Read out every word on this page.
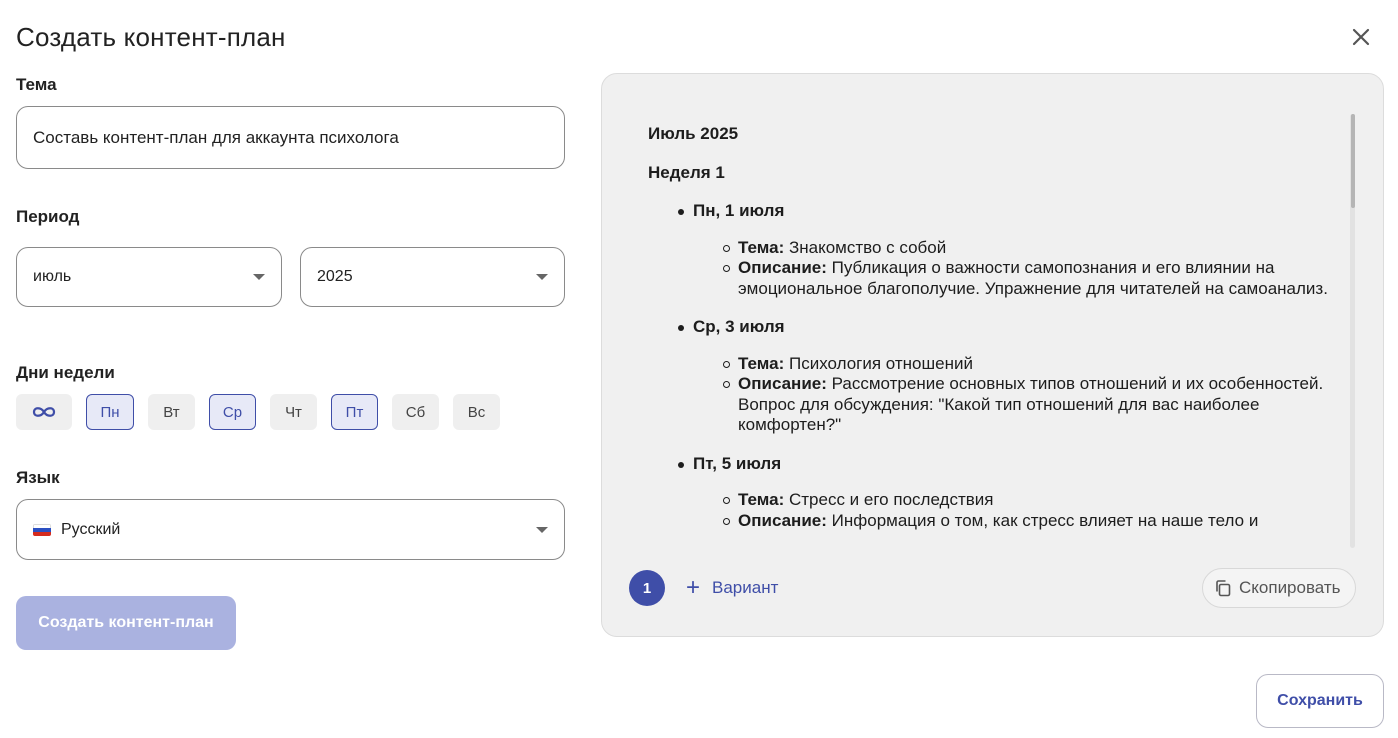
Создать контент-план
Тема
Составь контент-план для аккаунта психолога
Период
июль	2025
Дни недели
Пн	Вт	Ср	Чт	Пт	Сб	Вс
Язык
Русский
Создать контент-план
Июль 2025
Неделя 1
Пн, 1 июля
Тема: Знакомство с собой
Описание: Публикация о важности самопознания и его влиянии на эмоциональное благополучие. Упражнение для читателей на самоанализ.
Ср, 3 июля
Тема: Психология отношений
Описание: Рассмотрение основных типов отношений и их особенностей. Вопрос для обсуждения: "Какой тип отношений для вас наиболее комфортен?"
Пт, 5 июля
Тема: Стресс и его последствия
Описание: Информация о том, как стресс влияет на наше тело и
1	+ Вариант	Скопировать
Сохранить
